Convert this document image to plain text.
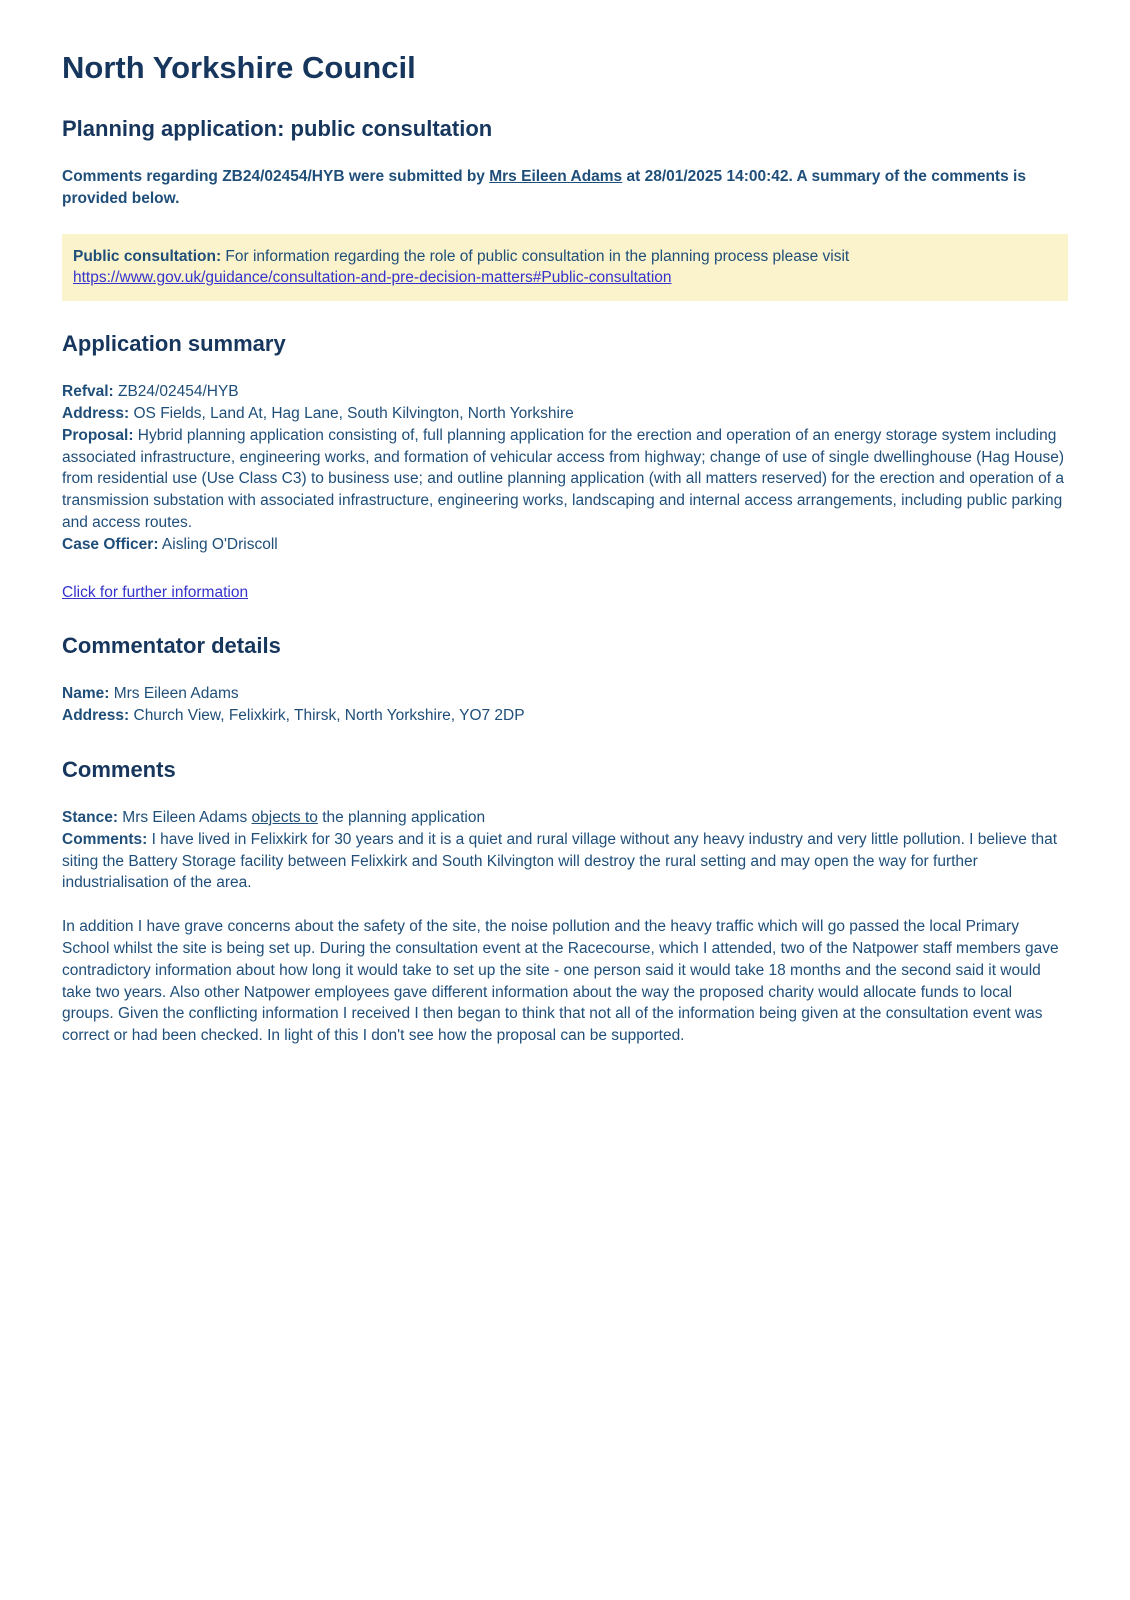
North Yorkshire Council
Planning application: public consultation

Comments regarding ZB24/02454/HYB were submitted by Mrs Eileen Adams at 28/01/2025 14:00:42. A summary of the comments is provided below.

Public consultation: For information regarding the role of public consultation in the planning process please visit
https://www.gov.uk/guidance/consultation-and-pre-decision-matters#Public-consultation
Application summary
Refval: ZB24/02454/HYB
Address: OS Fields, Land At, Hag Lane, South Kilvington, North Yorkshire
Proposal: Hybrid planning application consisting of, full planning application for the erection and operation of an energy storage system including associated infrastructure, engineering works, and formation of vehicular access from highway; change of use of single dwellinghouse (Hag House) from residential use (Use Class C3) to business use; and outline planning application (with all matters reserved) for the erection and operation of a transmission substation with associated infrastructure, engineering works, landscaping and internal access arrangements, including public parking and access routes.
Case Officer: Aisling O'Driscoll
Click for further information
Commentator details
Name: Mrs Eileen Adams
Address: Church View, Felixkirk, Thirsk, North Yorkshire, YO7 2DP
Comments
Stance: Mrs Eileen Adams objects to the planning application
Comments: I have lived in Felixkirk for 30 years and it is a quiet and rural village without any heavy industry and very little pollution. I believe that siting the Battery Storage facility between Felixkirk and South Kilvington will destroy the rural setting and may open the way for further industrialisation of the area.
In addition I have grave concerns about the safety of the site, the noise pollution and the heavy traffic which will go passed the local Primary School whilst the site is being set up. During the consultation event at the Racecourse, which I attended, two of the Natpower staff members gave contradictory information about how long it would take to set up the site - one person said it would take 18 months and the second said it would take two years. Also other Natpower employees gave different information about the way the proposed charity would allocate funds to local groups. Given the conflicting information I received I then began to think that not all of the information being given at the consultation event was correct or had been checked. In light of this I don't see how the proposal can be supported.
